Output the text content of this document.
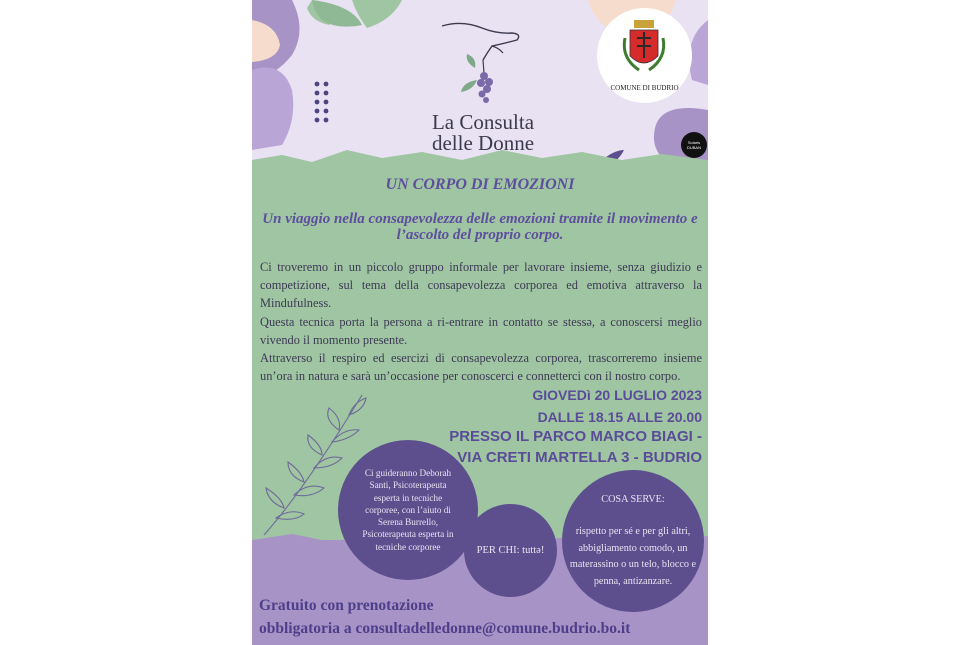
La Consulta
delle Donne
COMUNE DI BUDRIO
Solaris DUBAN
UN CORPO DI EMOZIONI
Un viaggio nella consapevolezza delle emozioni tramite il movimento e l’ascolto del proprio corpo.

Ci troveremo in un piccolo gruppo informale per lavorare insieme, senza giudizio e competizione, sul tema della consapevolezza corporea ed emotiva attraverso la Mindufulness.

Questa tecnica porta la persona a ri-entrare in contatto se stessə, a conoscersi meglio vivendo il momento presente.

Attraverso il respiro ed esercizi di consapevolezza corporea, trascorreremo insieme un’ora in natura e sarà un’occasione per conoscerci e connetterci con il nostro corpo.

GIOVEDì 20 LUGLIO 2023
DALLE 18.15 ALLE 20.00
PRESSO IL PARCO MARCO BIAGI -
VIA CRETI MARTELLA 3 - BUDRIO
Ci guideranno Deborah Santi, Psicoterapeuta esperta in tecniche corporee, con l’aiuto di Serena Burrello, Psicoterapeuta esperta in tecniche corporee	PER CHI: tuttə!
COSA SERVE:
rispetto per sé e per gli altri, abbigliamento comodo, un materassino o un telo, blocco e penna, antizanzare.
Gratuito con prenotazione
obbligatoria a consultadelledonne@comune.budrio.bo.it
